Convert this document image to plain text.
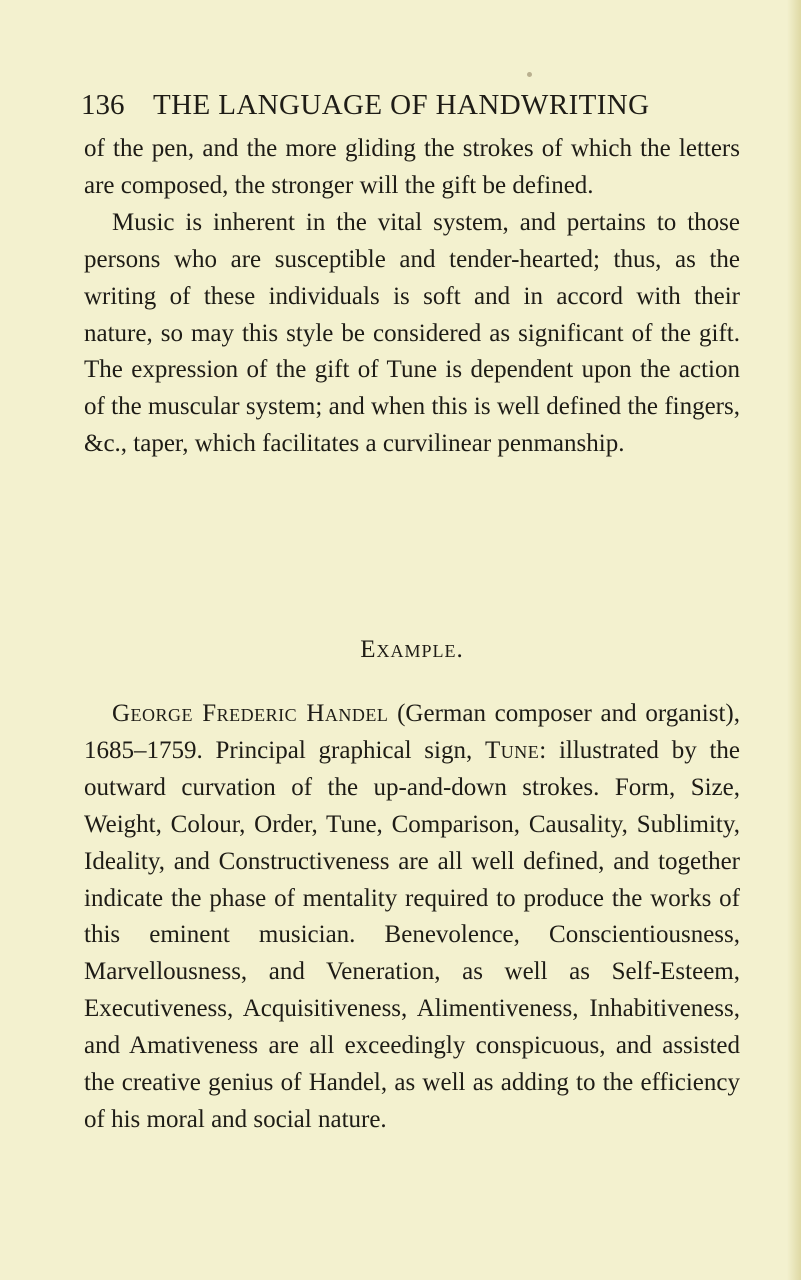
136 THE LANGUAGE OF HANDWRITING

of the pen, and the more gliding the strokes of which the letters are composed, the stronger will the gift be defined.

Music is inherent in the vital system, and pertains to those persons who are susceptible and tender-hearted; thus, as the writing of these individuals is soft and in accord with their nature, so may this style be considered as significant of the gift. The expression of the gift of Tune is dependent upon the action of the muscular system; and when this is well defined the fingers, &c., taper, which facilitates a curvilinear penmanship.

Example.

George Frederic Handel (German composer and organist), 1685–1759. Principal graphical sign, Tune: illustrated by the outward curvation of the up-and-down strokes. Form, Size, Weight, Colour, Order, Tune, Comparison, Causality, Sublimity, Ideality, and Constructiveness are all well defined, and together indicate the phase of mentality required to produce the works of this eminent musician. Benevolence, Conscientiousness, Marvellousness, and Veneration, as well as Self-Esteem, Executiveness, Acquisitiveness, Alimentiveness, Inhabitiveness, and Amativeness are all exceedingly conspicuous, and assisted the creative genius of Handel, as well as adding to the efficiency of his moral and social nature.
